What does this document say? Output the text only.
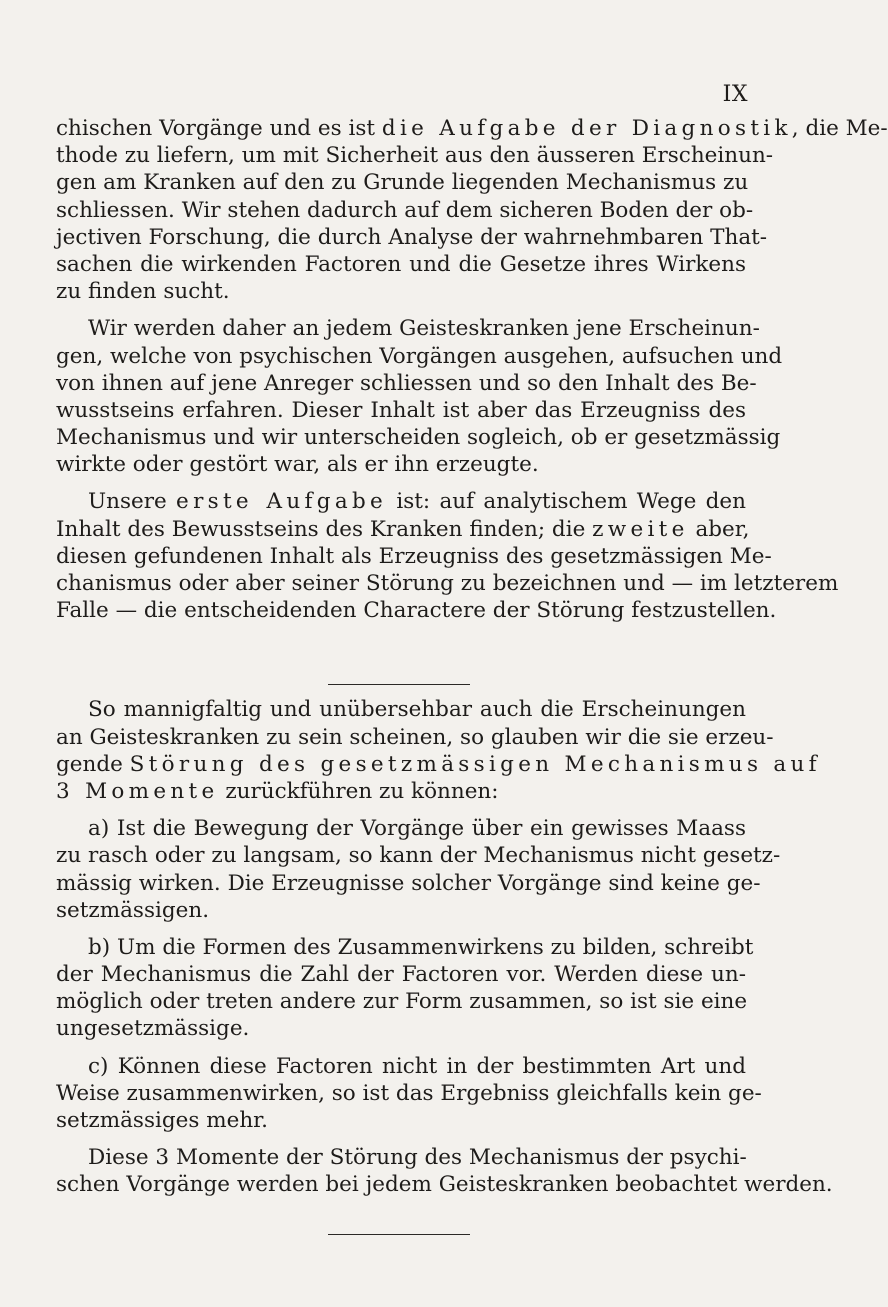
IX
chischen Vorgänge und es ist die Aufgabe der Diagnostik, die Me-
thode zu liefern, um mit Sicherheit aus den äusseren Erscheinun-
gen am Kranken auf den zu Grunde liegenden Mechanismus zu
schliessen. Wir stehen dadurch auf dem sicheren Boden der ob-
jectiven Forschung, die durch Analyse der wahrnehmbaren That-
sachen die wirkenden Factoren und die Gesetze ihres Wirkens
zu finden sucht.
Wir werden daher an jedem Geisteskranken jene Erscheinun-
gen, welche von psychischen Vorgängen ausgehen, aufsuchen und
von ihnen auf jene Anreger schliessen und so den Inhalt des Be-
wusstseins erfahren. Dieser Inhalt ist aber das Erzeugniss des
Mechanismus und wir unterscheiden sogleich, ob er gesetzmässig
wirkte oder gestört war, als er ihn erzeugte.
Unsere erste Aufgabe ist: auf analytischem Wege den
Inhalt des Bewusstseins des Kranken finden; die zweite aber,
diesen gefundenen Inhalt als Erzeugniss des gesetzmässigen Me-
chanismus oder aber seiner Störung zu bezeichnen und — im letzterem
Falle — die entscheidenden Charactere der Störung festzustellen.
So mannigfaltig und unübersehbar auch die Erscheinungen
an Geisteskranken zu sein scheinen, so glauben wir die sie erzeu-
gende Störung des gesetzmässigen Mechanismus auf
3 Momente zurückführen zu können:
a) Ist die Bewegung der Vorgänge über ein gewisses Maass
zu rasch oder zu langsam, so kann der Mechanismus nicht gesetz-
mässig wirken. Die Erzeugnisse solcher Vorgänge sind keine ge-
setzmässigen.
b) Um die Formen des Zusammenwirkens zu bilden, schreibt
der Mechanismus die Zahl der Factoren vor. Werden diese un-
möglich oder treten andere zur Form zusammen, so ist sie eine
ungesetzmässige.
c) Können diese Factoren nicht in der bestimmten Art und
Weise zusammenwirken, so ist das Ergebniss gleichfalls kein ge-
setzmässiges mehr.
Diese 3 Momente der Störung des Mechanismus der psychi-
schen Vorgänge werden bei jedem Geisteskranken beobachtet werden.
